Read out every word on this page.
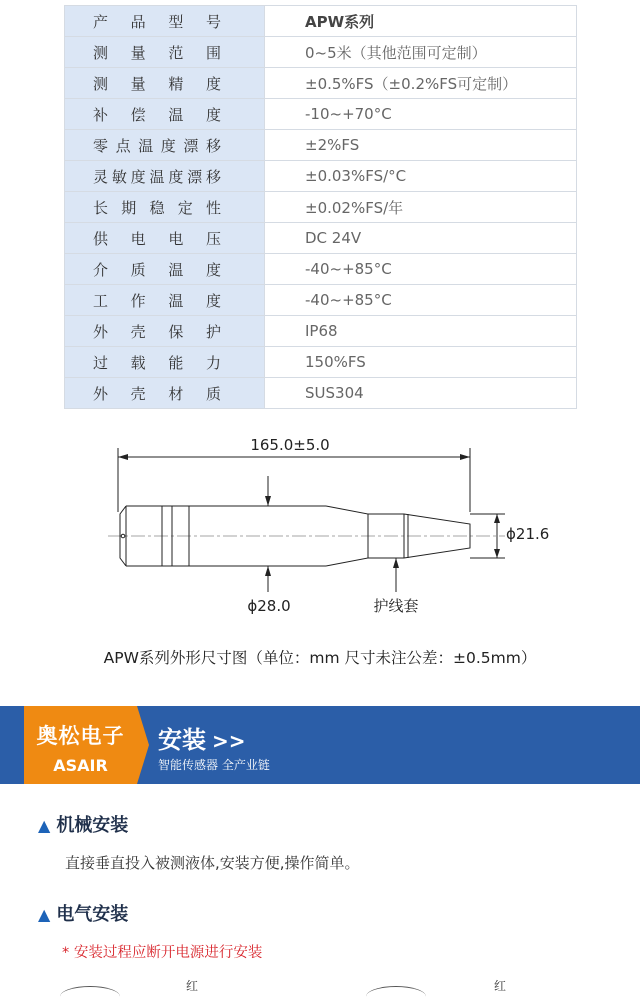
产品型号	APW系列
测量范围	0~5米（其他范围可定制）
测量精度	±0.5%FS（±0.2%FS可定制）
补偿温度	-10~+70°C
零点温度漂移	±2%FS
灵敏度温度漂移	±0.03%FS/°C
长期稳定性	±0.02%FS/年
供电电压	DC 24V
介质温度	-40~+85°C
工作温度	-40~+85°C
外壳保护	IP68
过载能力	150%FS
外壳材质	SUS304
165.0±5.0
ϕ21.6
ϕ28.0	护线套
APW系列外形尺寸图（单位：mm 尺寸未注公差：±0.5mm）
奥松电子
ASAIR
安装 >>
智能传感器 全产业链
▲ 机械安装
直接垂直投入被测液体,安装方便,操作简单。
▲ 电气安装
* 安装过程应断开电源进行安装
红	红
